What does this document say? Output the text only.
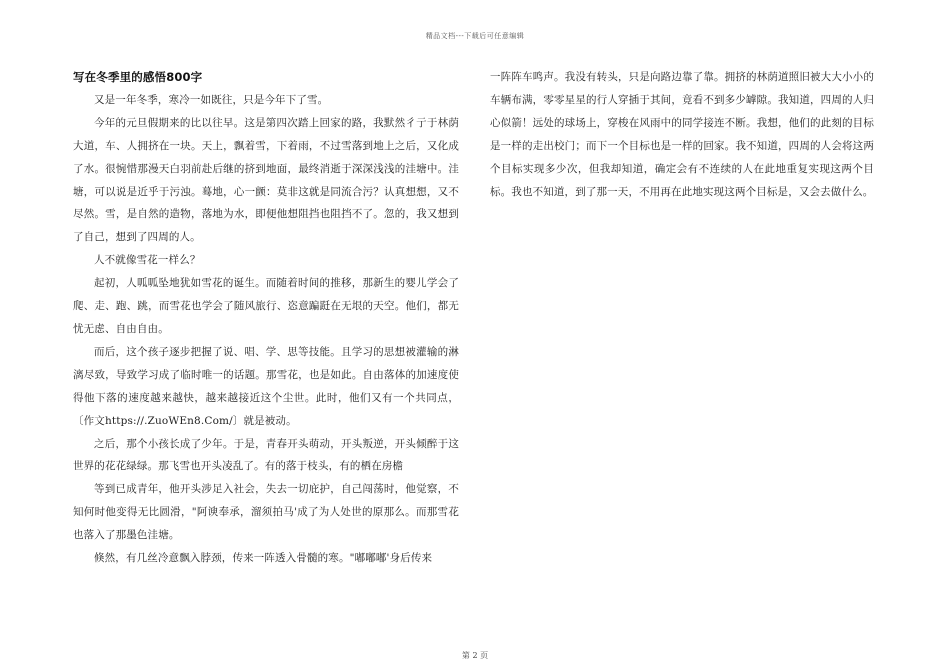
精品文档---下载后可任意编辑
写在冬季里的感悟800字

又是一年冬季，寒冷一如既往，只是今年下了雪。

今年的元旦假期来的比以往早。这是第四次踏上回家的路，我默然彳亍于林荫大道，车、人拥挤在一块。天上，飘着雪，下着雨，不过雪落到地上之后，又化成了水。很惋惜那漫天白羽前赴后继的挤到地面，最终消逝于深深浅浅的洼塘中。洼塘，可以说是近乎于污浊。蓦地，心一颤：莫非这就是同流合污？认真想想，又不尽然。雪，是自然的造物，落地为水，即便他想阻挡也阻挡不了。忽的，我又想到了自己，想到了四周的人。

人不就像雪花一样么？

起初，人呱呱坠地犹如雪花的诞生。而随着时间的推移，那新生的婴儿学会了爬、走、跑、跳，而雪花也学会了随风旅行、恣意蹁跹在无垠的天空。他们，都无忧无虑、自由自由。

而后，这个孩子逐步把握了说、唱、学、思等技能。且学习的思想被灌输的淋漓尽致，导致学习成了临时唯一的话题。那雪花，也是如此。自由落体的加速度使得他下落的速度越来越快，越来越接近这个尘世。此时，他们又有一个共同点，〔作文https://.ZuoWEn8.Com/〕就是被动。

之后，那个小孩长成了少年。于是，青春开头萌动，开头叛逆，开头倾醉于这世界的花花绿绿。那飞雪也开头凌乱了。有的落于枝头，有的栖在房檐

等到已成青年，他开头涉足入社会，失去一切庇护，自己闯荡时，他觉察，不知何时他变得无比圆滑，"阿谀奉承，溜须拍马'成了为人处世的原那么。而那雪花也落入了那墨色洼塘。

倏然，有几丝冷意飘入脖颈，传来一阵透入骨髓的寒。"嘟嘟嘟'身后传来

一阵阵车鸣声。我没有转头，只是向路边靠了靠。拥挤的林荫道照旧被大大小小的车辆布满，零零星星的行人穿插于其间，竟看不到多少罅隙。我知道，四周的人归心似箭！远处的球场上，穿梭在风雨中的同学接连不断。我想，他们的此刻的目标是一样的走出校门；而下一个目标也是一样的回家。我不知道，四周的人会将这两个目标实现多少次，但我却知道，确定会有不连续的人在此地重复实现这两个目标。我也不知道，到了那一天，不用再在此地实现这两个目标是，又会去做什么。

第 2 页
